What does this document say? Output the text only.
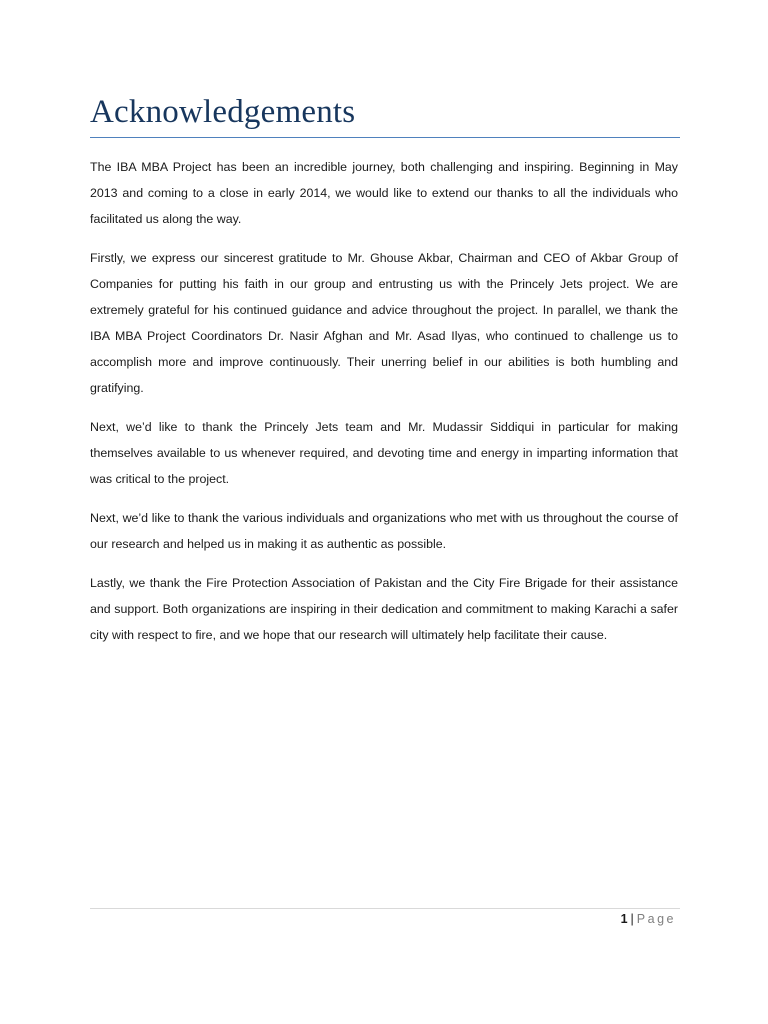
Acknowledgements

The IBA MBA Project has been an incredible journey, both challenging and inspiring. Beginning in May 2013 and coming to a close in early 2014, we would like to extend our thanks to all the individuals who facilitated us along the way.

Firstly, we express our sincerest gratitude to Mr. Ghouse Akbar, Chairman and CEO of Akbar Group of Companies for putting his faith in our group and entrusting us with the Princely Jets project. We are extremely grateful for his continued guidance and advice throughout the project. In parallel, we thank the IBA MBA Project Coordinators Dr. Nasir Afghan and Mr. Asad Ilyas, who continued to challenge us to accomplish more and improve continuously. Their unerring belief in our abilities is both humbling and gratifying.

Next, we’d like to thank the Princely Jets team and Mr. Mudassir Siddiqui in particular for making themselves available to us whenever required, and devoting time and energy in imparting information that was critical to the project.

Next, we’d like to thank the various individuals and organizations who met with us throughout the course of our research and helped us in making it as authentic as possible.

Lastly, we thank the Fire Protection Association of Pakistan and the City Fire Brigade for their assistance and support. Both organizations are inspiring in their dedication and commitment to making Karachi a safer city with respect to fire, and we hope that our research will ultimately help facilitate their cause.

1 | Page
